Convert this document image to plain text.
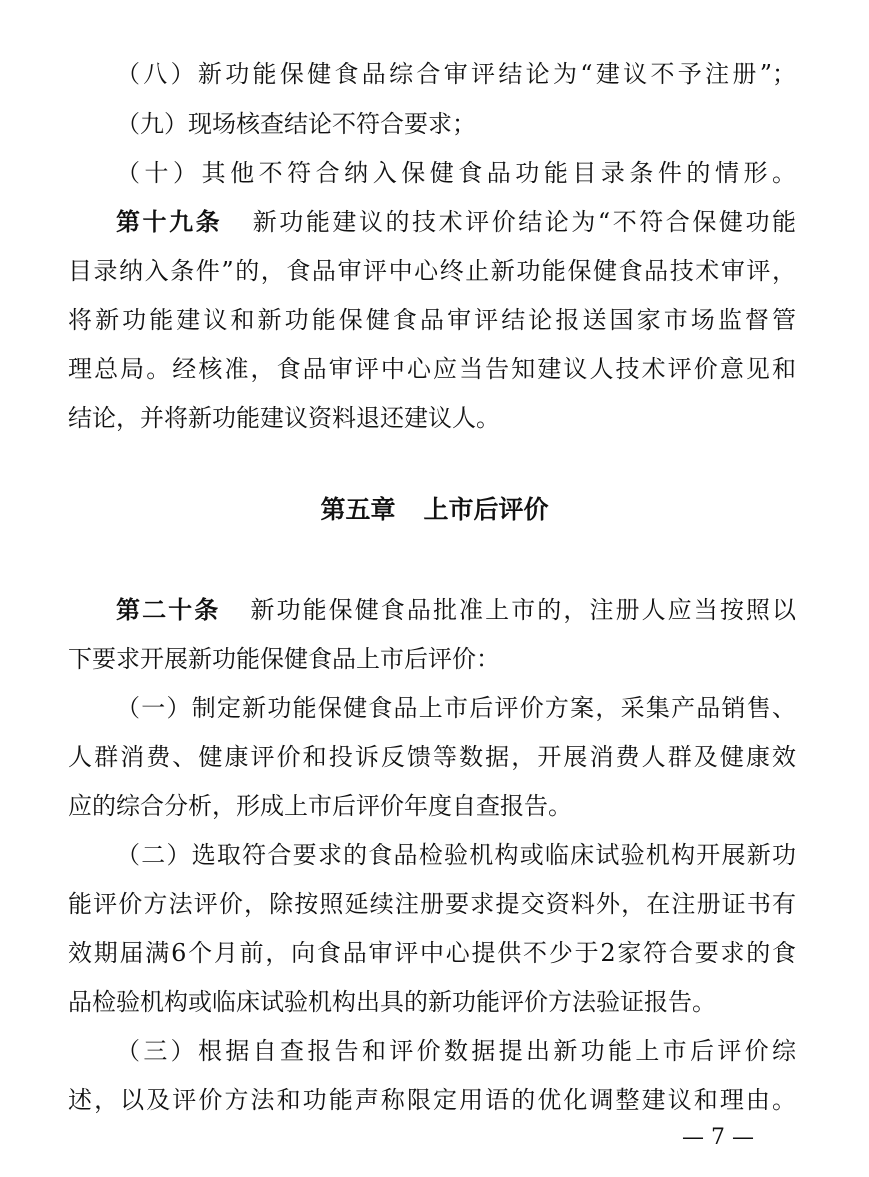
（八）新功能保健食品综合审评结论为“建议不予注册”；
（九）现场核查结论不符合要求；
（十）其他不符合纳入保健食品功能目录条件的情形。
第十九条 新功能建议的技术评价结论为“不符合保健功能
目录纳入条件”的，食品审评中心终止新功能保健食品技术审评，
将新功能建议和新功能保健食品审评结论报送国家市场监督管
理总局。经核准，食品审评中心应当告知建议人技术评价意见和
结论，并将新功能建议资料退还建议人。
第五章 上市后评价
第二十条 新功能保健食品批准上市的，注册人应当按照以
下要求开展新功能保健食品上市后评价：
（一）制定新功能保健食品上市后评价方案，采集产品销售、
人群消费、健康评价和投诉反馈等数据，开展消费人群及健康效
应的综合分析，形成上市后评价年度自查报告。
（二）选取符合要求的食品检验机构或临床试验机构开展新功
能评价方法评价，除按照延续注册要求提交资料外，在注册证书有
效期届满6个月前，向食品审评中心提供不少于2家符合要求的食
品检验机构或临床试验机构出具的新功能评价方法验证报告。
（三）根据自查报告和评价数据提出新功能上市后评价综
述，以及评价方法和功能声称限定用语的优化调整建议和理由。
— 7 —
